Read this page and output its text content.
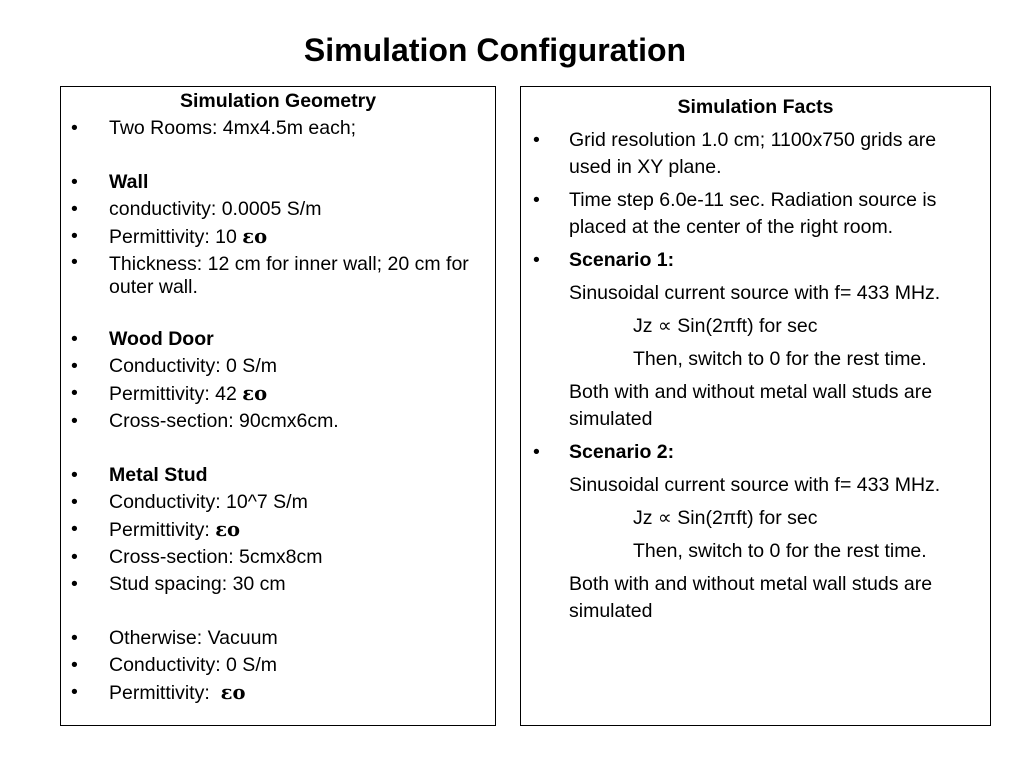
Simulation Configuration
Simulation Geometry
• Two Rooms: 4mx4.5m each;
• Wall
• conductivity: 0.0005 S/m
• Permittivity: 10 εo
• Thickness: 12 cm for inner wall; 20 cm for outer wall.
• Wood Door
• Conductivity: 0 S/m
• Permittivity: 42 εo
• Cross-section: 90cmx6cm.
• Metal Stud
• Conductivity: 10^7 S/m
• Permittivity: εo
• Cross-section: 5cmx8cm
• Stud spacing: 30 cm
• Otherwise: Vacuum
• Conductivity: 0 S/m
• Permittivity: εo
Simulation Facts
• Grid resolution 1.0 cm; 1100x750 grids are used in XY plane.
• Time step 6.0e-11 sec. Radiation source is placed at the center of the right room.
• Scenario 1:
Sinusoidal current source with f= 433 MHz.
Jz ∝ Sin(2πft) for sec
Then, switch to 0 for the rest time.
Both with and without metal wall studs are simulated
• Scenario 2:
Sinusoidal current source with f= 433 MHz.
Jz ∝ Sin(2πft) for sec
Then, switch to 0 for the rest time.
Both with and without metal wall studs are simulated
